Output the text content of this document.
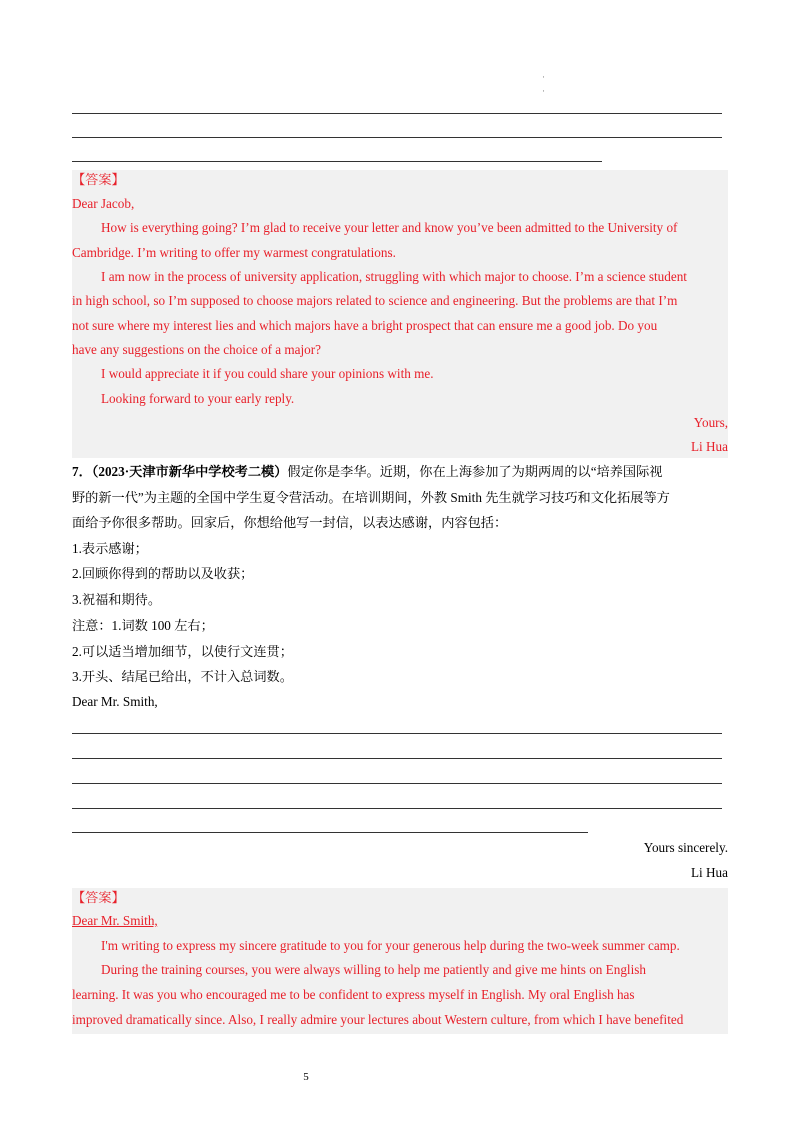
·
·
【答案】
Dear Jacob,
How is everything going? I’m glad to receive your letter and know you’ve been admitted to the University of
Cambridge. I’m writing to offer my warmest congratulations.
I am now in the process of university application, struggling with which major to choose. I’m a science student
in high school, so I’m supposed to choose majors related to science and engineering. But the problems are that I’m
not sure where my interest lies and which majors have a bright prospect that can ensure me a good job. Do you
have any suggestions on the choice of a major?
I would appreciate it if you could share your opinions with me.
Looking forward to your early reply.
Yours,
Li Hua
7．（2023·天津市新华中学校考二模）假定你是李华。近期，你在上海参加了为期两周的以“培养国际视
野的新一代”为主题的全国中学生夏令营活动。在培训期间，外教 Smith 先生就学习技巧和文化拓展等方
面给予你很多帮助。回家后，你想给他写一封信，以表达感谢，内容包括：
1.表示感谢；
2.回顾你得到的帮助以及收获；
3.祝福和期待。
注意：1.词数 100 左右；
2.可以适当增加细节，以使行文连贯；
3.开头、结尾已给出，不计入总词数。
Dear Mr. Smith,
Yours sincerely.
Li Hua
【答案】
Dear Mr. Smith,
I'm writing to express my sincere gratitude to you for your generous help during the two-week summer camp.
During the training courses, you were always willing to help me patiently and give me hints on English
learning. It was you who encouraged me to be confident to express myself in English. My oral English has
improved dramatically since. Also, I really admire your lectures about Western culture, from which I have benefited
5
